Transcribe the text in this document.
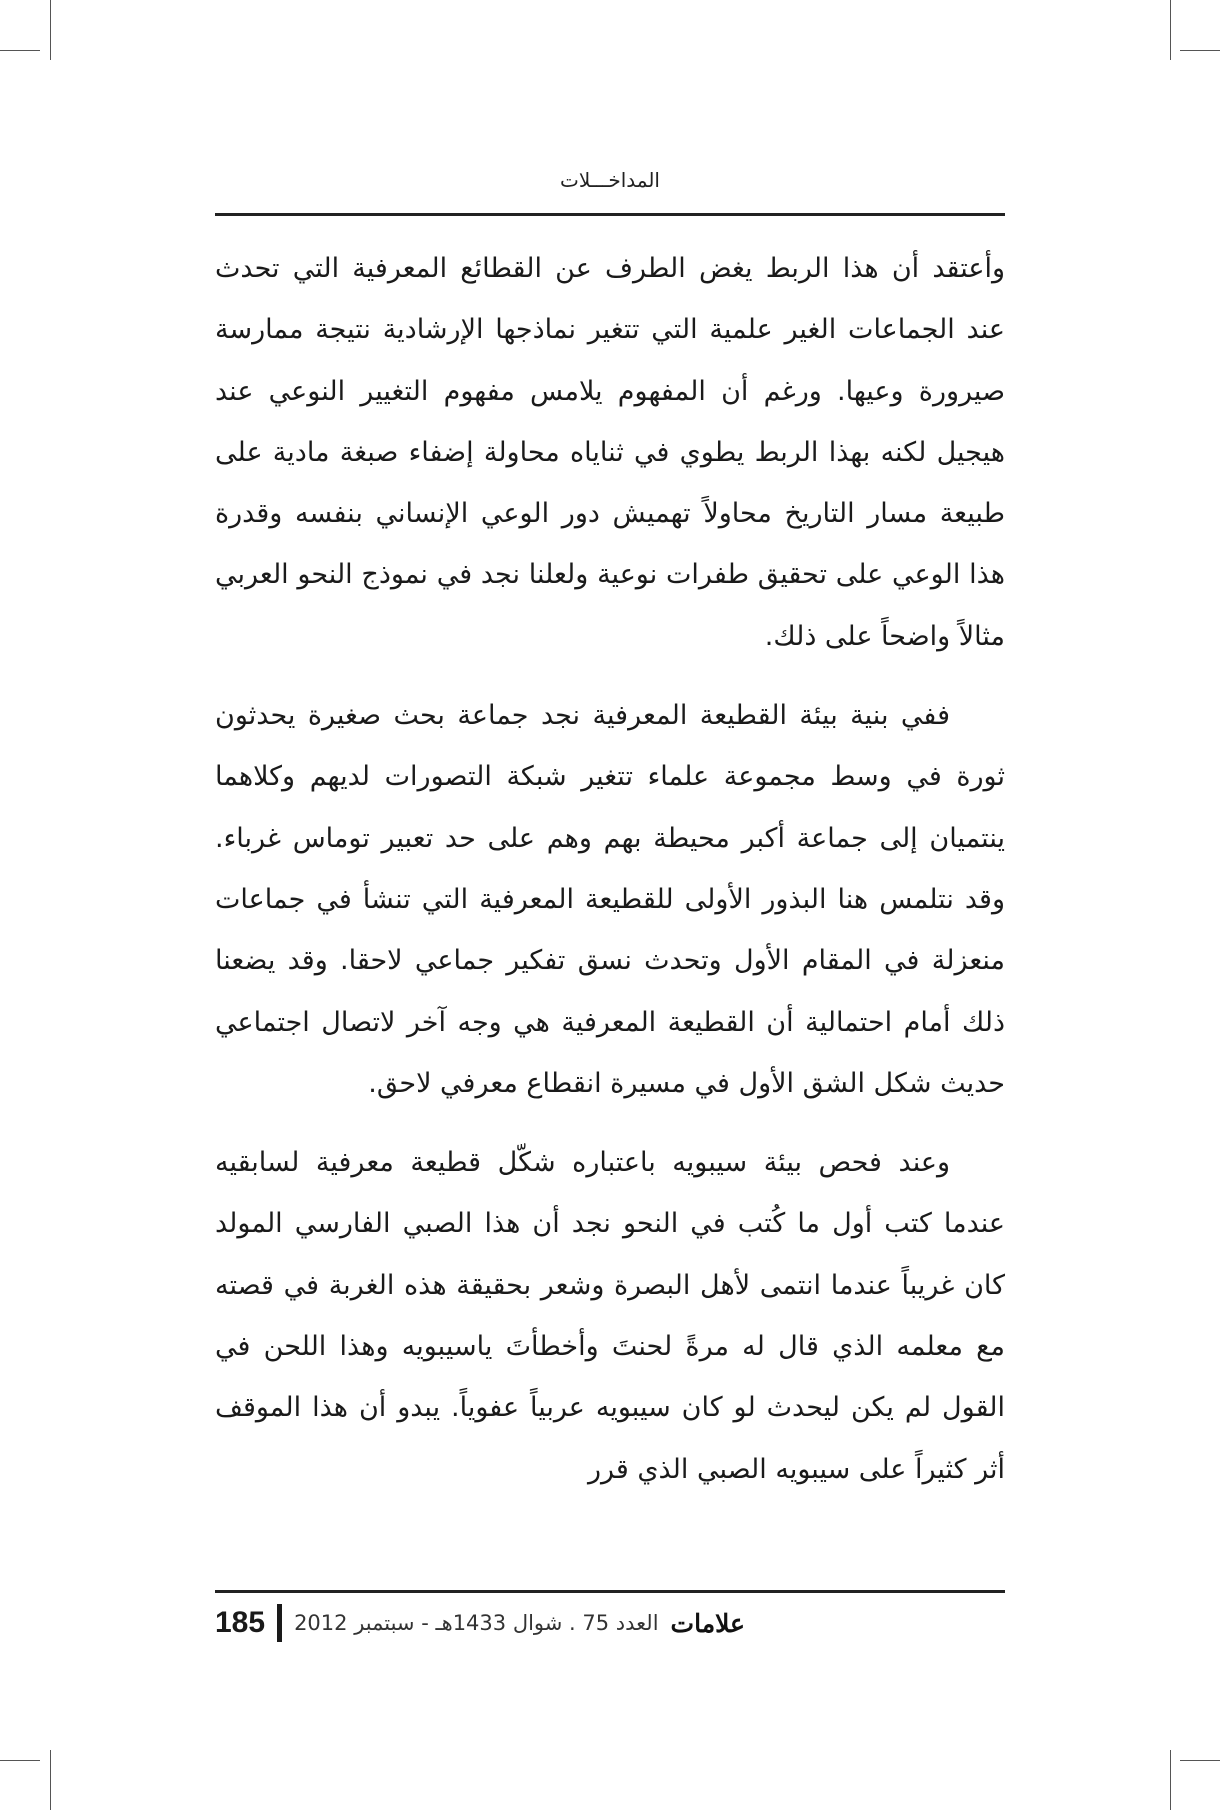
المداخـــلات

وأعتقد أن هذا الربط يغض الطرف عن القطائع المعرفية التي تحدث عند الجماعات الغير علمية التي تتغير نماذجها الإرشادية نتيجة ممارسة صيرورة وعيها. ورغم أن المفهوم يلامس مفهوم التغيير النوعي عند هيجيل لكنه بهذا الربط يطوي في ثناياه محاولة إضفاء صبغة مادية على طبيعة مسار التاريخ محاولاً تهميش دور الوعي الإنساني بنفسه وقدرة هذا الوعي على تحقيق طفرات نوعية ولعلنا نجد في نموذج النحو العربي مثالاً واضحاً على ذلك.

ففي بنية بيئة القطيعة المعرفية نجد جماعة بحث صغيرة يحدثون ثورة في وسط مجموعة علماء تتغير شبكة التصورات لديهم وكلاهما ينتميان إلى جماعة أكبر محيطة بهم وهم على حد تعبير توماس غرباء. وقد نتلمس هنا البذور الأولى للقطيعة المعرفية التي تنشأ في جماعات منعزلة في المقام الأول وتحدث نسق تفكير جماعي لاحقا. وقد يضعنا ذلك أمام احتمالية أن القطيعة المعرفية هي وجه آخر لاتصال اجتماعي حديث شكل الشق الأول في مسيرة انقطاع معرفي لاحق.

وعند فحص بيئة سيبويه باعتباره شكّل قطيعة معرفية لسابقيه عندما كتب أول ما كُتب في النحو نجد أن هذا الصبي الفارسي المولد كان غريباً عندما انتمى لأهل البصرة وشعر بحقيقة هذه الغربة في قصته مع معلمه الذي قال له مرةً لحنتَ وأخطأتَ ياسيبويه وهذا اللحن في القول لم يكن ليحدث لو كان سيبويه عربياً عفوياً. يبدو أن هذا الموقف أثر كثيراً على سيبويه الصبي الذي قرر

185 العدد 75 . شوال 1433هـ - سبتمبر 2012 علامات
